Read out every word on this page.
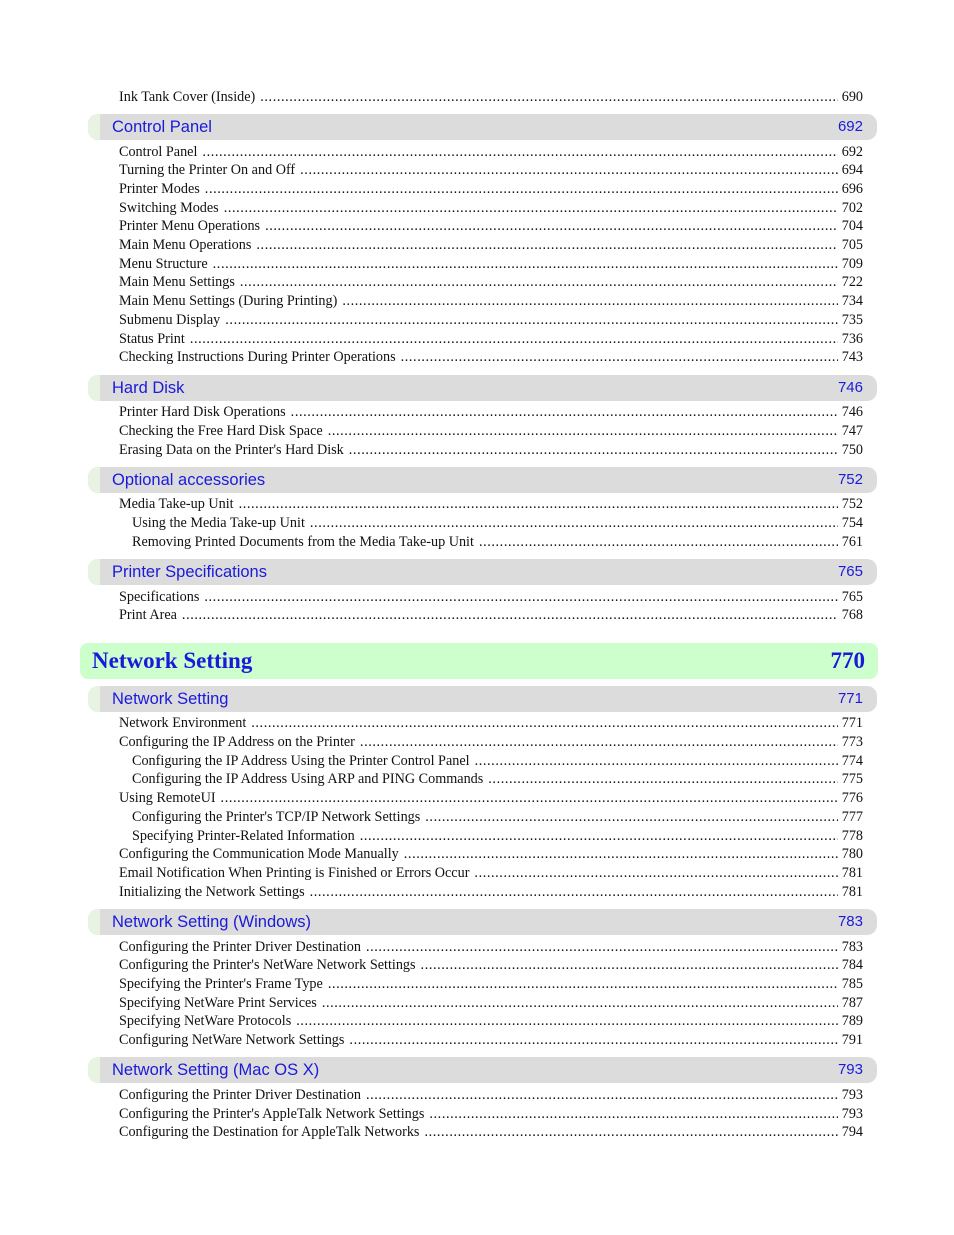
Ink Tank Cover (Inside) .....	690
Control Panel	692
Control Panel .....	692
Turning the Printer On and Off .....	694
Printer Modes .....	696
Switching Modes .....	702
Printer Menu Operations .....	704
Main Menu Operations .....	705
Menu Structure .....	709
Main Menu Settings .....	722
Main Menu Settings (During Printing) .....	734
Submenu Display .....	735
Status Print .....	736
Checking Instructions During Printer Operations .....	743
Hard Disk	746
Printer Hard Disk Operations .....	746
Checking the Free Hard Disk Space .....	747
Erasing Data on the Printer's Hard Disk .....	750
Optional accessories	752
Media Take-up Unit .....	752
Using the Media Take-up Unit .....	754
Removing Printed Documents from the Media Take-up Unit .....	761
Printer Specifications	765
Specifications .....	765
Print Area .....	768
Network Setting	770
Network Setting	771
Network Environment .....	771
Configuring the IP Address on the Printer .....	773
Configuring the IP Address Using the Printer Control Panel .....	774
Configuring the IP Address Using ARP and PING Commands .....	775
Using RemoteUI .....	776
Configuring the Printer's TCP/IP Network Settings .....	777
Specifying Printer-Related Information .....	778
Configuring the Communication Mode Manually .....	780
Email Notification When Printing is Finished or Errors Occur .....	781
Initializing the Network Settings .....	781
Network Setting (Windows)	783
Configuring the Printer Driver Destination .....	783
Configuring the Printer's NetWare Network Settings .....	784
Specifying the Printer's Frame Type .....	785
Specifying NetWare Print Services .....	787
Specifying NetWare Protocols .....	789
Configuring NetWare Network Settings .....	791
Network Setting (Mac OS X)	793
Configuring the Printer Driver Destination .....	793
Configuring the Printer's AppleTalk Network Settings .....	793
Configuring the Destination for AppleTalk Networks .....	794
